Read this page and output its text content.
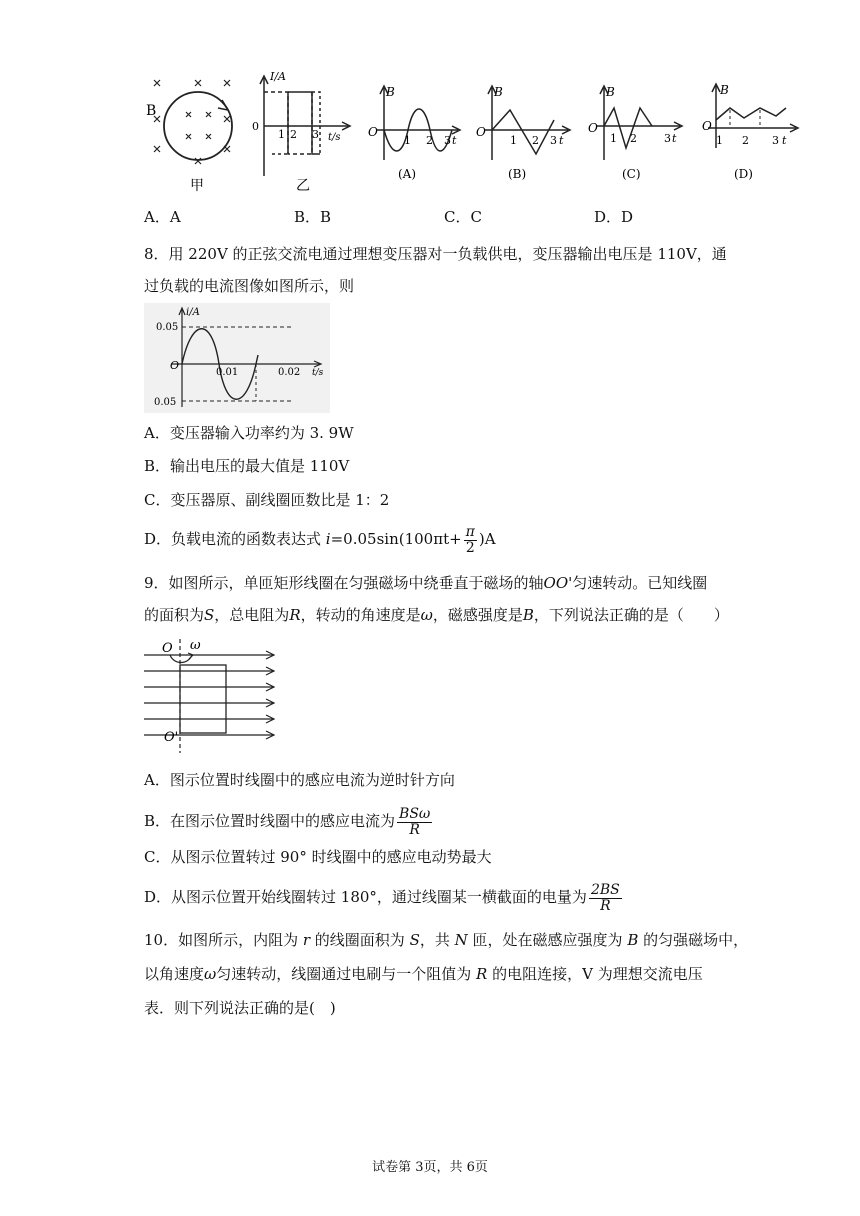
B
甲
I/A
0
1 2 3 t/s
乙
B
O
1 2 3 t
(A)
B
O
1 2 3 t
(B)
B
O
1 2 3 t
(C)
B
O
1 2 3 t
(D)
A．A	B．B	C．C	D．D
8．用 220V 的正弦交流电通过理想变压器对一负载供电，变压器输出电压是 110V，通
过负载的电流图像如图所示，则
i/A
0.05
O
0.01	0.02 t/s
0.05
A．变压器输入功率约为 3. 9W
B．输出电压的最大值是 110V
C．变压器原、副线圈匝数比是 1：2
D．负载电流的函数表达式 $i=0.05\sin(100\pi t+ \frac{\pi}{2} )A$
9．如图所示，单匝矩形线圈在匀强磁场中绕垂直于磁场的轴OO'匀速转动。已知线圈
的面积为S，总电阻为R，转动的角速度是ω，磁感强度是B，下列说法正确的是（　　）
O ω
O'
A．图示位置时线圈中的感应电流为逆时针方向
B．在图示位置时线圈中的感应电流为 $\frac{\text{BSω}}{R}$
C．从图示位置转过 90° 时线圈中的感应电动势最大
D．从图示位置开始线圈转过 180°，通过线圈某一横截面的电量为 $\frac{2BS}{R}$
10．如图所示，内阻为 r 的线圈面积为 S，共 N 匝，处在磁感应强度为 B 的匀强磁场中，
以角速度ω匀速转动，线圈通过电刷与一个阻值为 R 的电阻连接，V 为理想交流电压
表．则下列说法正确的是(　)
试卷第 3页，共 6页
